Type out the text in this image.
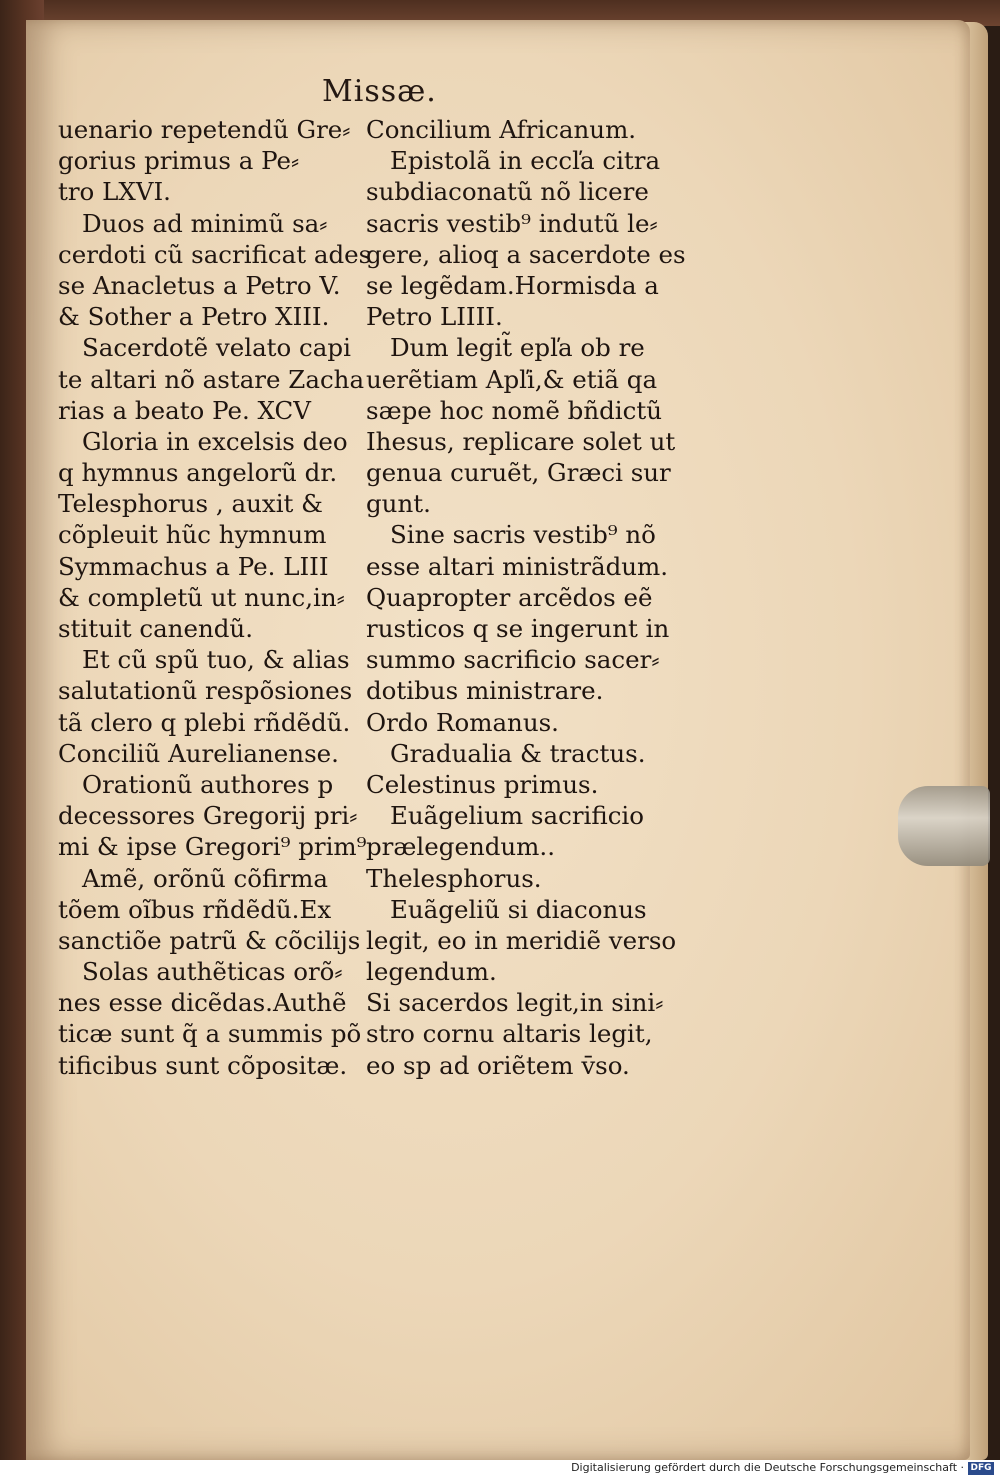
Missæ.
uenario repetendũ Gre⸗
gorius primus a Pe⸗
tro LXVI.
Duos ad minimũ sa⸗
cerdoti cũ sacrificat ades
se Anacletus a Petro V.
& Sother a Petro XIII.
Sacerdotẽ velato capi
te altari nõ astare Zacha
rias a beato Pe. XCV
Gloria in excelsis deo
q hymnus angelorũ dr.
Telesphorus , auxit &
cõpleuit hũc hymnum
Symmachus a Pe. LIII
& completũ ut nunc,in⸗
stituit canendũ.
Et cũ spũ tuo, & alias
salutationũ respõsiones
tã clero q plebi rñdẽdũ.
Conciliũ Aurelianense.
Orationũ authores p
decessores Gregorij pri⸗
mi & ipse Gregori⁹ prim⁹
Amẽ, orõnũ cõfirma
tõem oĩbus rñdẽdũ.Ex
sanctiõe patrũ & cõcilijs
Solas authẽticas orõ⸗
nes esse dicẽdas.Authẽ
ticæ sunt q̃ a summis põ
tificibus sunt cõpositæ.
Concilium Africanum.
Epistolã in eccľa citra
subdiaconatũ nõ licere
sacris vestib⁹ indutũ le⸗
gere, alioq a sacerdote es
se legẽdam.Hormisda a
Petro LIIII.
Dum legit̃ epľa ob re
uerẽtiam Apľi,& etiã qa
sæpe hoc nomẽ bñdictũ
Ihesus, replicare solet ut
genua curuẽt, Græci sur
gunt.
Sine sacris vestib⁹ nõ
esse altari ministrãdum.
Quapropter arcẽdos eẽ
rusticos q se ingerunt in
summo sacrificio sacer⸗
dotibus ministrare.
Ordo Romanus.
Gradualia & tractus.
Celestinus primus.
Euãgelium sacrificio
prælegendum..
Thelesphorus.
Euãgeliũ si diaconus
legit, eo in meridiẽ verso
legendum.
Si sacerdos legit,in sini⸗
stro cornu altaris legit,
eo sp ad oriẽtem v̄so.
Digitalisierung gefördert durch die Deutsche Forschungsgemeinschaft · DFG
